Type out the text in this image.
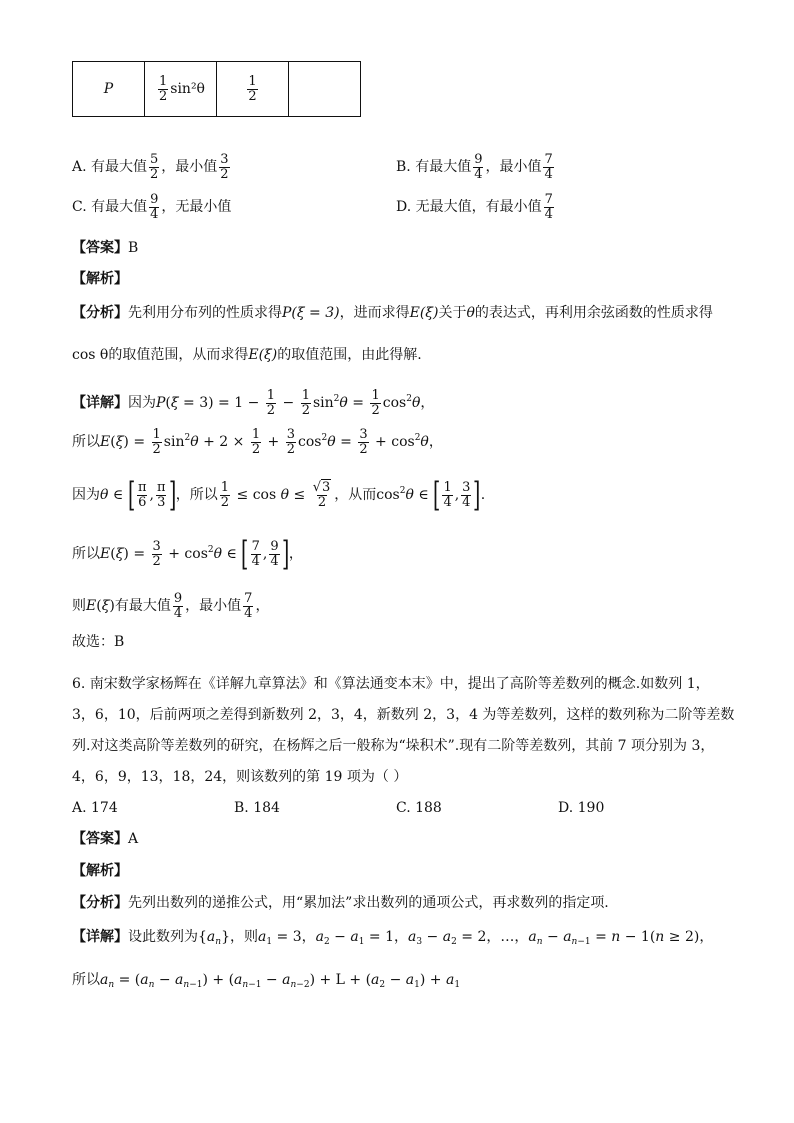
P	$\frac{1}{2} \sin^2\theta$	$\frac{1}{2}$

A. 有最大值 $\frac{5}{2}$ ，最小值 $\frac{3}{2}$	B. 有最大值 $\frac{9}{4}$ ，最小值 $\frac{7}{4}$
C. 有最大值 $\frac{9}{4}$ ，无最小值	D. 无最大值，有最小值 $\frac{7}{4}$
【答案】B
【解析】
【分析】先利用分布列的性质求得P(ξ = 3)，进而求得E(ξ)关于θ的表达式，再利用余弦函数的性质求得
cos θ的取值范围，从而求得E(ξ)的取值范围，由此得解.
【详解】因为$P(\xi = 3) = 1 - \frac{1}{2} - \frac{1}{2} \sin^2\theta = \frac{1}{2} \cos^2\theta$，
所以$E(\xi) = \frac{1}{2} \sin^2\theta + 2 \times \frac{1}{2} + \frac{3}{2} \cos^2\theta = \frac{3}{2} + \cos^2\theta$，
因为θ ∈ [ $\frac{\pi}{6}$ , $\frac{\pi}{3}$ ]，所以 $\frac{1}{2} \le \cos \theta \le \frac{√3}{2}$ ，从而$\cos^2\theta$ ∈ [ $\frac{1}{4}$ , $\frac{3}{4}$ ].
所以$E(\xi) = \frac{3}{2} + \cos^2\theta$ ∈ [ $\frac{7}{4}$ , $\frac{9}{4}$ ]，
则E(ξ)有最大值 $\frac{9}{4}$ ，最小值 $\frac{7}{4}$ ，
故选：B
6. 南宋数学家杨辉在《详解九章算法》和《算法通变本末》中，提出了高阶等差数列的概念.如数列 1，
3，6，10，后前两项之差得到新数列 2，3，4，新数列 2，3，4 为等差数列，这样的数列称为二阶等差数
列.对这类高阶等差数列的研究，在杨辉之后一般称为“垛积术”.现有二阶等差数列，其前 7 项分别为 3，
4，6，9，13，18，24，则该数列的第 19 项为（ ）
A. 174	B. 184	C. 188	D. 190
【答案】A
【解析】
【分析】先列出数列的递推公式，用“累加法”求出数列的通项公式，再求数列的指定项.
【详解】设此数列为$\{a_n\}$，则$a_1 = 3$，$a_2 - a_1 = 1$，$a_3 - a_2 = 2$，…，$a_n - a_{n-1} = n - 1(n \ge 2)$，
所以$a_n = (a_n - a_{n-1}) + (a_{n-1} - a_{n-2}) + L + (a_2 - a_1) + a_1$
